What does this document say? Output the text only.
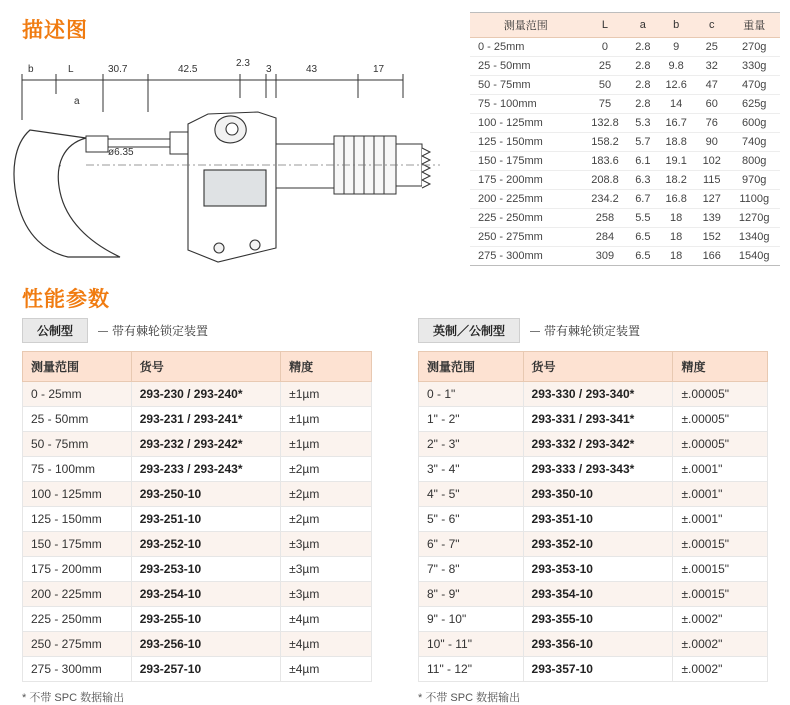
描述图
性能参数
b	L	30.7	42.5
2.3
3	43	17
a
ø6.35
测量范围	L	a	b	c	重量
0 - 25mm	0	2.8	9	25	270g
25 - 50mm	25	2.8	9.8	32	330g
50 - 75mm	50	2.8	12.6	47	470g
75 - 100mm	75	2.8	14	60	625g
100 - 125mm	132.8	5.3	16.7	76	600g
125 - 150mm	158.2	5.7	18.8	90	740g
150 - 175mm	183.6	6.1	19.1	102	800g
175 - 200mm	208.8	6.3	18.2	115	970g
200 - 225mm	234.2	6.7	16.8	127	1100g
225 - 250mm	258	5.5	18	139	1270g
250 - 275mm	284	6.5	18	152	1340g
275 - 300mm	309	6.5	18	166	1540g
公制型	带有棘轮锁定装置
测量范围	货号	精度
0 - 25mm	293-230 / 293-240*	±1µm
25 - 50mm	293-231 / 293-241*	±1µm
50 - 75mm	293-232 / 293-242*	±1µm
75 - 100mm	293-233 / 293-243*	±2µm
100 - 125mm	293-250-10	±2µm
125 - 150mm	293-251-10	±2µm
150 - 175mm	293-252-10	±3µm
175 - 200mm	293-253-10	±3µm
200 - 225mm	293-254-10	±3µm
225 - 250mm	293-255-10	±4µm
250 - 275mm	293-256-10	±4µm
275 - 300mm	293-257-10	±4µm
* 不带 SPC 数据输出
英制／公制型	带有棘轮锁定装置
测量范围	货号	精度
0 - 1"	293-330 / 293-340*	±.00005"
1" - 2"	293-331 / 293-341*	±.00005"
2" - 3"	293-332 / 293-342*	±.00005"
3" - 4"	293-333 / 293-343*	±.0001"
4" - 5"	293-350-10	±.0001"
5" - 6"	293-351-10	±.0001"
6" - 7"	293-352-10	±.00015"
7" - 8"	293-353-10	±.00015"
8" - 9"	293-354-10	±.00015"
9" - 10"	293-355-10	±.0002"
10" - 11"	293-356-10	±.0002"
11" - 12"	293-357-10	±.0002"
* 不带 SPC 数据输出
